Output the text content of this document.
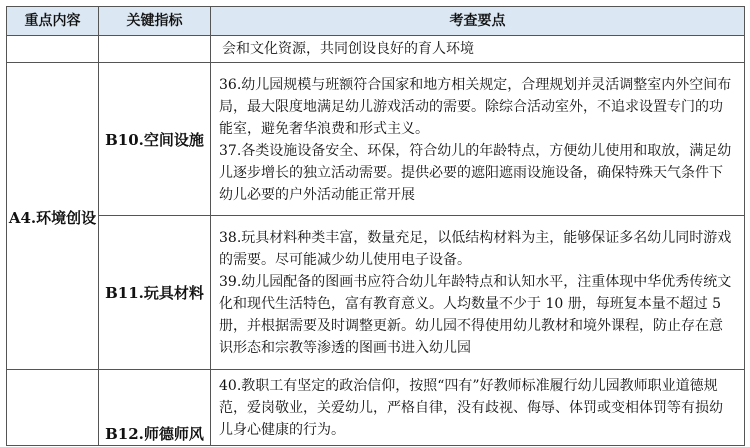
重点内容	关键指标	考查要点
		会和文化资源，共同创设良好的育人环境
A4.环境创设	B10.空间设施	36.幼儿园规模与班额符合国家和地方相关规定，合理规划并灵活调整室内外空间布局，最大限度地满足幼儿游戏活动的需要。除综合活动室外，不追求设置专门的功能室，避免奢华浪费和形式主义。
37.各类设施设备安全、环保，符合幼儿的年龄特点，方便幼儿使用和取放，满足幼儿逐步增长的独立活动需要。提供必要的遮阳遮雨设施设备，确保特殊天气条件下幼儿必要的户外活动能正常开展

	B11.玩具材料	38.玩具材料种类丰富，数量充足，以低结构材料为主，能够保证多名幼儿同时游戏的需要。尽可能减少幼儿使用电子设备。
39.幼儿园配备的图画书应符合幼儿年龄特点和认知水平，注重体现中华优秀传统文化和现代生活特色，富有教育意义。人均数量不少于 10 册，每班复本量不超过 5 册，并根据需要及时调整更新。幼儿园不得使用幼儿教材和境外课程，防止存在意识形态和宗教等渗透的图画书进入幼儿园

	B12.师德师风	40.教职工有坚定的政治信仰，按照“四有”好教师标准履行幼儿园教师职业道德规范，爱岗敬业，关爱幼儿，严格自律，没有歧视、侮辱、体罚或变相体罚等有损幼儿身心健康的行为。
